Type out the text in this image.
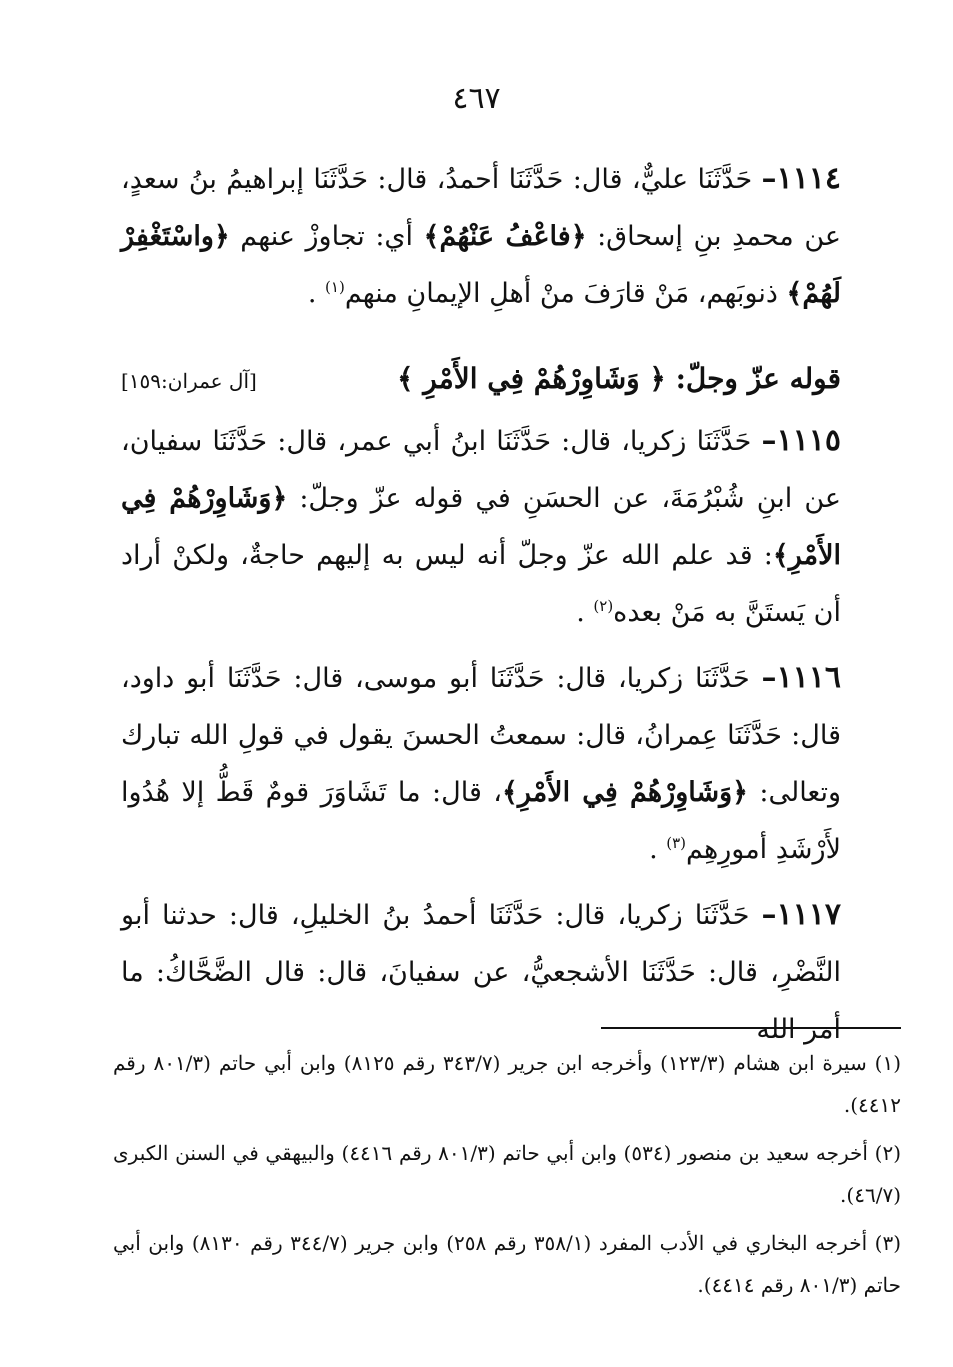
٤٦٧

١١١٤– حَدَّثَنَا عليٌّ، قال: حَدَّثَنَا أحمدُ، قال: حَدَّثَنَا إبراهيمُ بنُ سعدٍ، عن محمدِ بنِ إسحاق: ﴿فاعْفُ عَنْهُمْ﴾ أي: تجاوزْ عنهم ﴿واسْتَغْفِرْ لَهُمْ﴾ ذنوبَهم، مَنْ قارَفَ منْ أهلِ الإيمانِ منهم$^{(١)}$ .

قوله عزّ وجلّ: ﴿ وَشَاوِرْهُمْ فِي الأَمْرِ ﴾
[آل عمران:١٥٩]

١١١٥– حَدَّثَنَا زكريا، قال: حَدَّثَنَا ابنُ أبي عمر، قال: حَدَّثَنَا سفيان، عن ابنِ شُبْرُمَةَ، عن الحسَنِ في قوله عزّ وجلّ: ﴿وَشَاوِرْهُمْ فِي الأَمْرِ﴾: قد علم الله عزّ وجلّ أنه ليس به إليهم حاجةٌ، ولكنْ أراد أن يَستَنَّ به مَنْ بعده$^{(٢)}$ .

١١١٦– حَدَّثَنَا زكريا، قال: حَدَّثَنَا أبو موسى، قال: حَدَّثَنَا أبو داود، قال: حَدَّثَنَا عِمرانُ، قال: سمعتُ الحسنَ يقول في قولِ الله تبارك وتعالى: ﴿وَشَاوِرْهُمْ فِي الأَمْرِ﴾، قال: ما تَشَاوَرَ قومٌ قَطُّ إلا هُدُوا لأَرْشَدِ أمورِهِم$^{(٣)}$ .

١١١٧– حَدَّثَنَا زكريا، قال: حَدَّثَنَا أحمدُ بنُ الخليلِ، قال: حدثنا أبو النَّضْرِ، قال: حَدَّثَنَا الأشجعيُّ، عن سفيانَ، قال: قال الضَّحَّاكُ: ما أمر الله

(١) سيرة ابن هشام (١٢٣/٣) وأخرجه ابن جرير (٣٤٣/٧ رقم ٨١٢٥) وابن أبي حاتم (٨٠١/٣ رقم ٤٤١٢).

(٢) أخرجه سعيد بن منصور (٥٣٤) وابن أبي حاتم (٨٠١/٣ رقم ٤٤١٦) والبيهقي في السنن الكبرى (٤٦/٧).

(٣) أخرجه البخاري في الأدب المفرد (٣٥٨/١ رقم ٢٥٨) وابن جرير (٣٤٤/٧ رقم ٨١٣٠) وابن أبي حاتم (٨٠١/٣ رقم ٤٤١٤).
